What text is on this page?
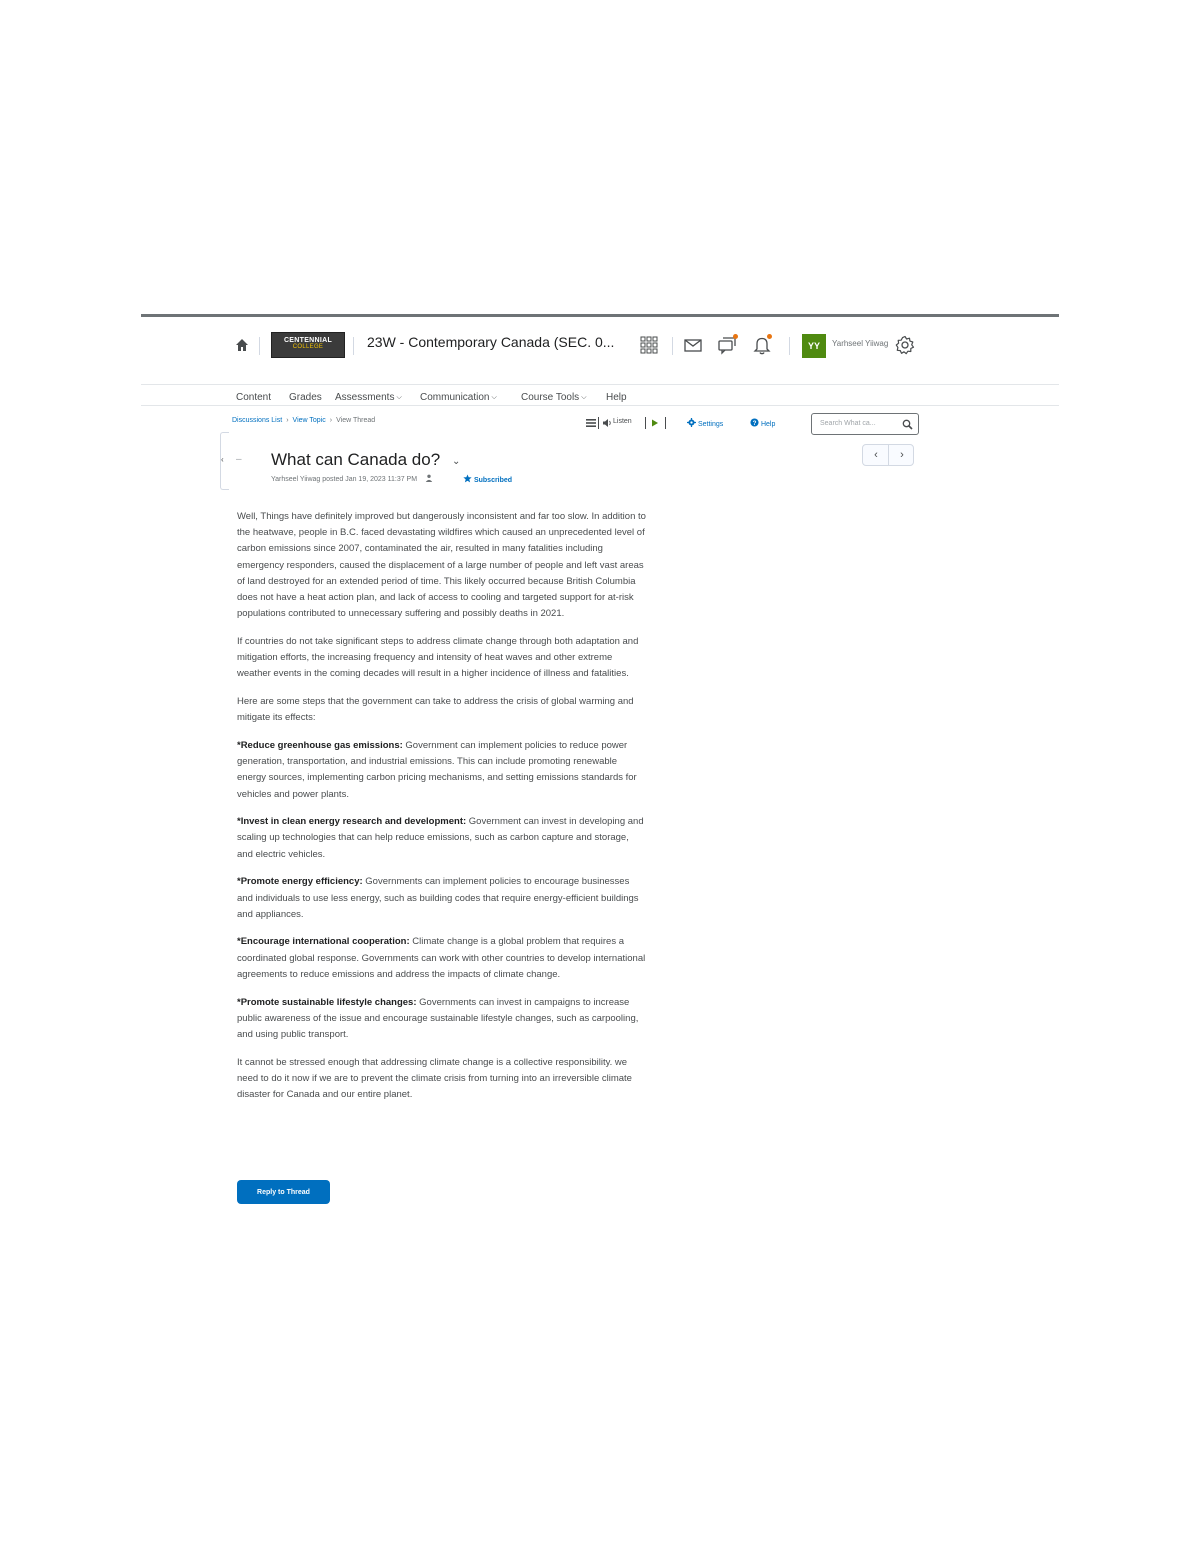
CENTENNIAL
COLLEGE	23W - Contemporary Canada (SEC. 0...	YY	Yarhseel Yiiwag
Content Grades Assessments ⌵ Communication ⌵ Course Tools ⌵ Help
Discussions List › View Topic › View Thread	Listen	Settings	? Help	Search What ca...
‹	‹	›
– What can Canada do? ⌄
Yarhseel Yiiwag posted Jan 19, 2023 11:37 PM	Subscribed

Well, Things have definitely improved but dangerously inconsistent and far too slow. In addition to the heatwave, people in B.C. faced devastating wildfires which caused an unprecedented level of carbon emissions since 2007, contaminated the air, resulted in many fatalities including emergency responders, caused the displacement of a large number of people and left vast areas of land destroyed for an extended period of time. This likely occurred because British Columbia does not have a heat action plan, and lack of access to cooling and targeted support for at-risk populations contributed to unnecessary suffering and possibly deaths in 2021.

If countries do not take significant steps to address climate change through both adaptation and mitigation efforts, the increasing frequency and intensity of heat waves and other extreme weather events in the coming decades will result in a higher incidence of illness and fatalities.

Here are some steps that the government can take to address the crisis of global warming and mitigate its effects:

*Reduce greenhouse gas emissions: Government can implement policies to reduce power generation, transportation, and industrial emissions. This can include promoting renewable energy sources, implementing carbon pricing mechanisms, and setting emissions standards for vehicles and power plants.

*Invest in clean energy research and development: Government can invest in developing and scaling up technologies that can help reduce emissions, such as carbon capture and storage, and electric vehicles.

*Promote energy efficiency: Governments can implement policies to encourage businesses and individuals to use less energy, such as building codes that require energy-efficient buildings and appliances.

*Encourage international cooperation: Climate change is a global problem that requires a coordinated global response. Governments can work with other countries to develop international agreements to reduce emissions and address the impacts of climate change.

*Promote sustainable lifestyle changes: Governments can invest in campaigns to increase public awareness of the issue and encourage sustainable lifestyle changes, such as carpooling, and using public transport.

It cannot be stressed enough that addressing climate change is a collective responsibility. we need to do it now if we are to prevent the climate crisis from turning into an irreversible climate disaster for Canada and our entire planet.

Reply to Thread
